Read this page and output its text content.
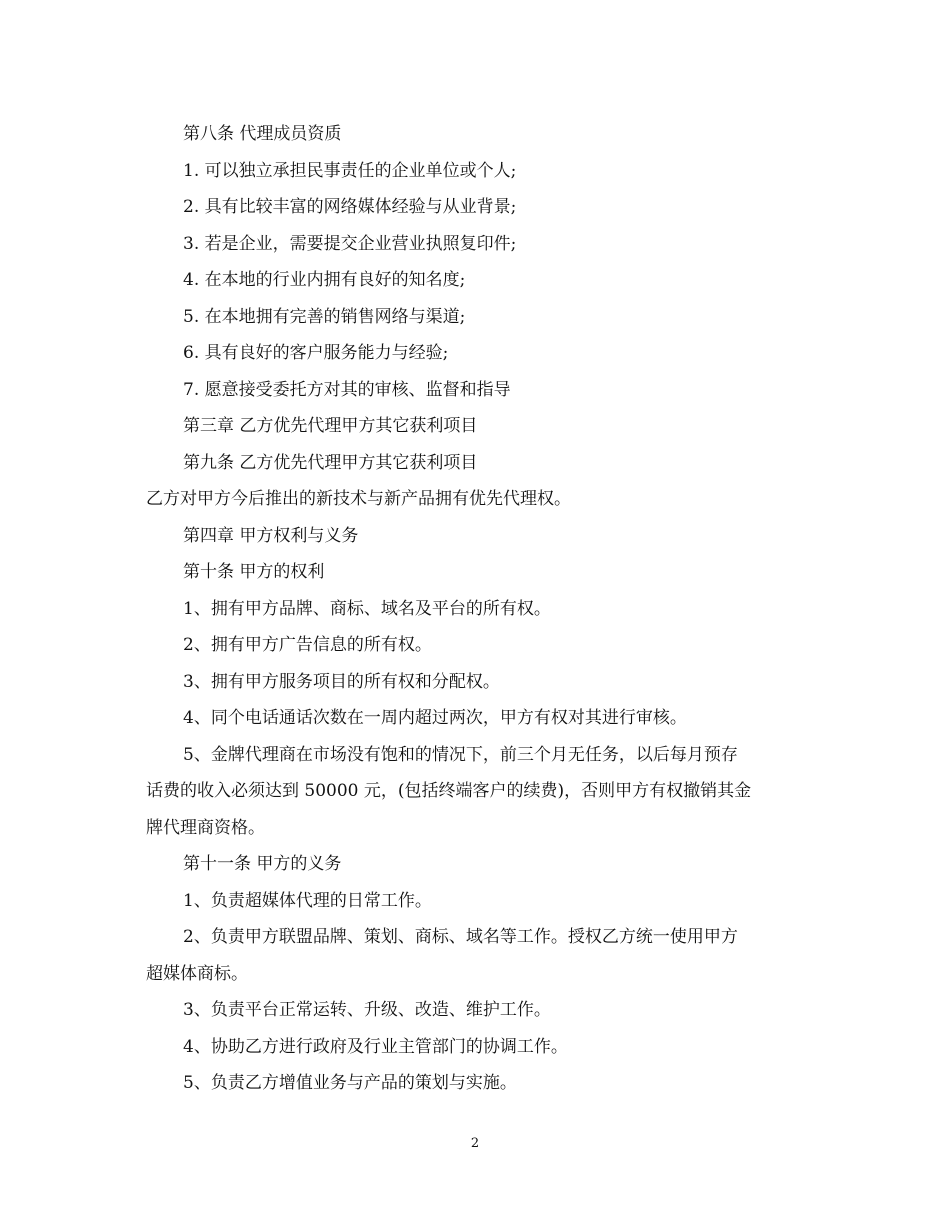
第八条 代理成员资质
1. 可以独立承担民事责任的企业单位或个人;
2. 具有比较丰富的网络媒体经验与从业背景;
3. 若是企业，需要提交企业营业执照复印件;
4. 在本地的行业内拥有良好的知名度;
5. 在本地拥有完善的销售网络与渠道;
6. 具有良好的客户服务能力与经验;
7. 愿意接受委托方对其的审核、监督和指导
第三章 乙方优先代理甲方其它获利项目
第九条 乙方优先代理甲方其它获利项目
乙方对甲方今后推出的新技术与新产品拥有优先代理权。
第四章 甲方权利与义务
第十条 甲方的权利
1、拥有甲方品牌、商标、域名及平台的所有权。
2、拥有甲方广告信息的所有权。
3、拥有甲方服务项目的所有权和分配权。
4、同个电话通话次数在一周内超过两次，甲方有权对其进行审核。
5、金牌代理商在市场没有饱和的情况下，前三个月无任务，以后每月预存
话费的收入必须达到 50000 元，(包括终端客户的续费)，否则甲方有权撤销其金
牌代理商资格。
第十一条 甲方的义务
1、负责超媒体代理的日常工作。
2、负责甲方联盟品牌、策划、商标、域名等工作。授权乙方统一使用甲方
超媒体商标。
3、负责平台正常运转、升级、改造、维护工作。
4、协助乙方进行政府及行业主管部门的协调工作。
5、负责乙方增值业务与产品的策划与实施。
2
